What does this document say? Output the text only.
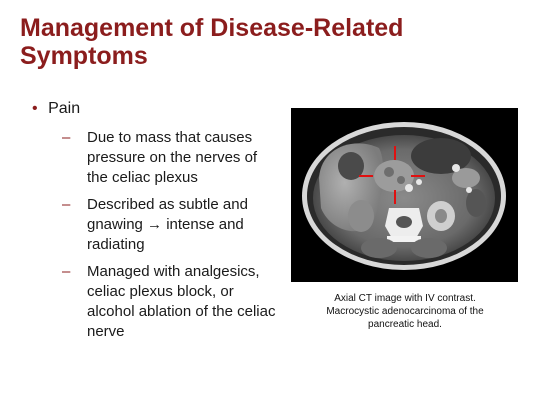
Management of Disease-Related Symptoms
• Pain
– Due to mass that causes pressure on the nerves of the celiac plexus
– Described as subtle and gnawing → intense and radiating
– Managed with analgesics, celiac plexus block, or alcohol ablation of the celiac nerve
Axial CT image with IV contrast. Macrocystic adenocarcinoma of the pancreatic head.
